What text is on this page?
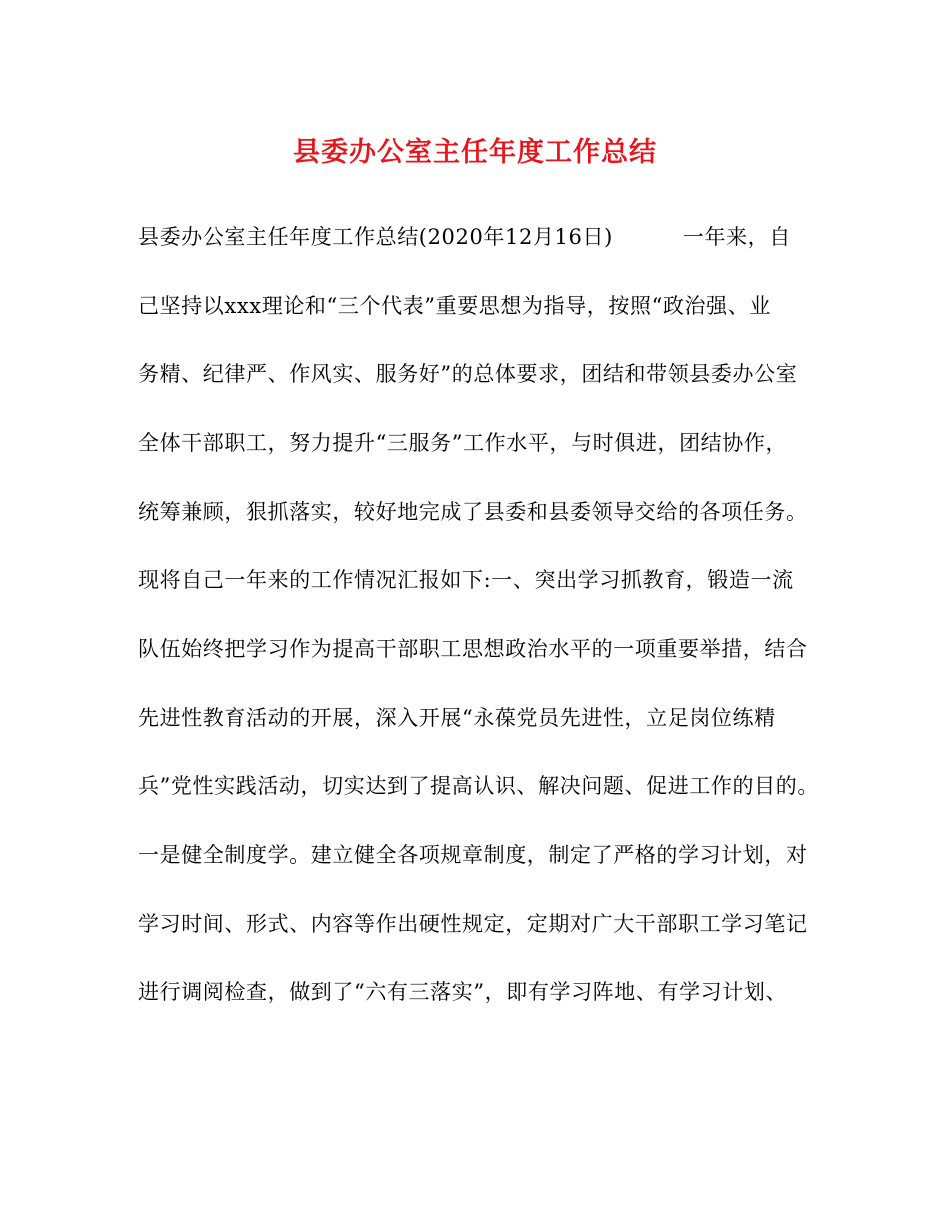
县委办公室主任年度工作总结
县委办公室主任年度工作总结(2020年12月16日)	一年来，自
己坚持以xxx理论和“三个代表”重要思想为指导，按照“政治强、业
务精、纪律严、作风实、服务好”的总体要求，团结和带领县委办公室
全体干部职工，努力提升“三服务”工作水平，与时俱进，团结协作，
统筹兼顾，狠抓落实，较好地完成了县委和县委领导交给的各项任务。
现将自己一年来的工作情况汇报如下:一、突出学习抓教育，锻造一流
队伍始终把学习作为提高干部职工思想政治水平的一项重要举措，结合
先进性教育活动的开展，深入开展“永葆党员先进性，立足岗位练精
兵”党性实践活动，切实达到了提高认识、解决问题、促进工作的目的。
一是健全制度学。建立健全各项规章制度，制定了严格的学习计划，对
学习时间、形式、内容等作出硬性规定，定期对广大干部职工学习笔记
进行调阅检查，做到了“六有三落实”，即有学习阵地、有学习计划、
